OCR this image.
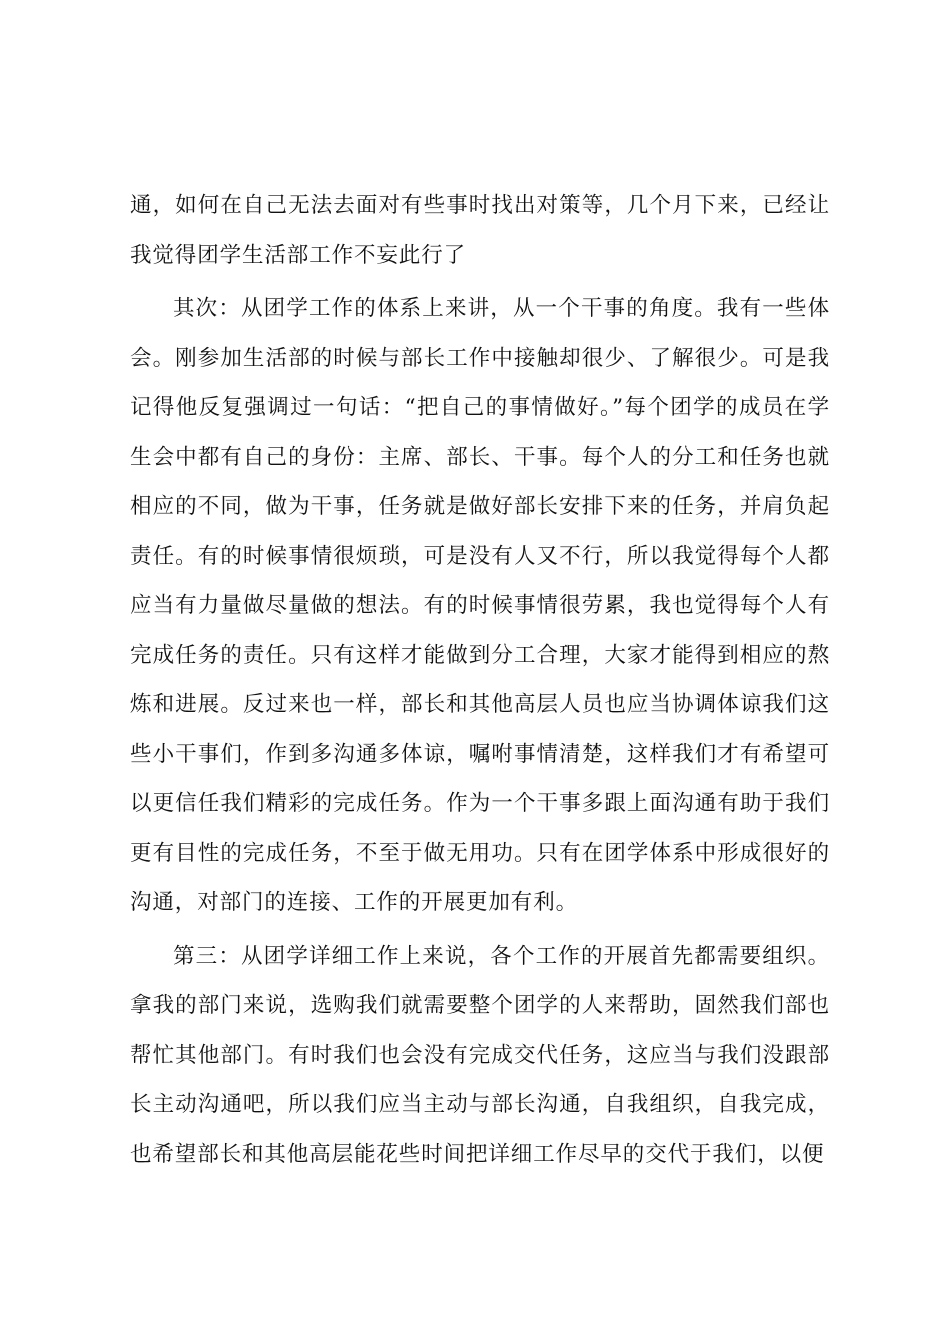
通，如何在自己无法去面对有些事时找出对策等，几个月下来，已经让我觉得团学生活部工作不妄此行了

其次：从团学工作的体系上来讲，从一个干事的角度。我有一些体会。刚参加生活部的时候与部长工作中接触却很少、了解很少。可是我记得他反复强调过一句话：“把自己的事情做好。”每个团学的成员在学生会中都有自己的身份：主席、部长、干事。每个人的分工和任务也就相应的不同，做为干事，任务就是做好部长安排下来的任务，并肩负起责任。有的时候事情很烦琐，可是没有人又不行，所以我觉得每个人都应当有力量做尽量做的想法。有的时候事情很劳累，我也觉得每个人有完成任务的责任。只有这样才能做到分工合理，大家才能得到相应的熬炼和进展。反过来也一样，部长和其他高层人员也应当协调体谅我们这些小干事们，作到多沟通多体谅，嘱咐事情清楚，这样我们才有希望可以更信任我们精彩的完成任务。作为一个干事多跟上面沟通有助于我们更有目性的完成任务，不至于做无用功。只有在团学体系中形成很好的沟通，对部门的连接、工作的开展更加有利。

第三：从团学详细工作上来说，各个工作的开展首先都需要组织。拿我的部门来说，选购我们就需要整个团学的人来帮助，固然我们部也帮忙其他部门。有时我们也会没有完成交代任务，这应当与我们没跟部长主动沟通吧，所以我们应当主动与部长沟通，自我组织，自我完成，也希望部长和其他高层能花些时间把详细工作尽早的交代于我们，以便
